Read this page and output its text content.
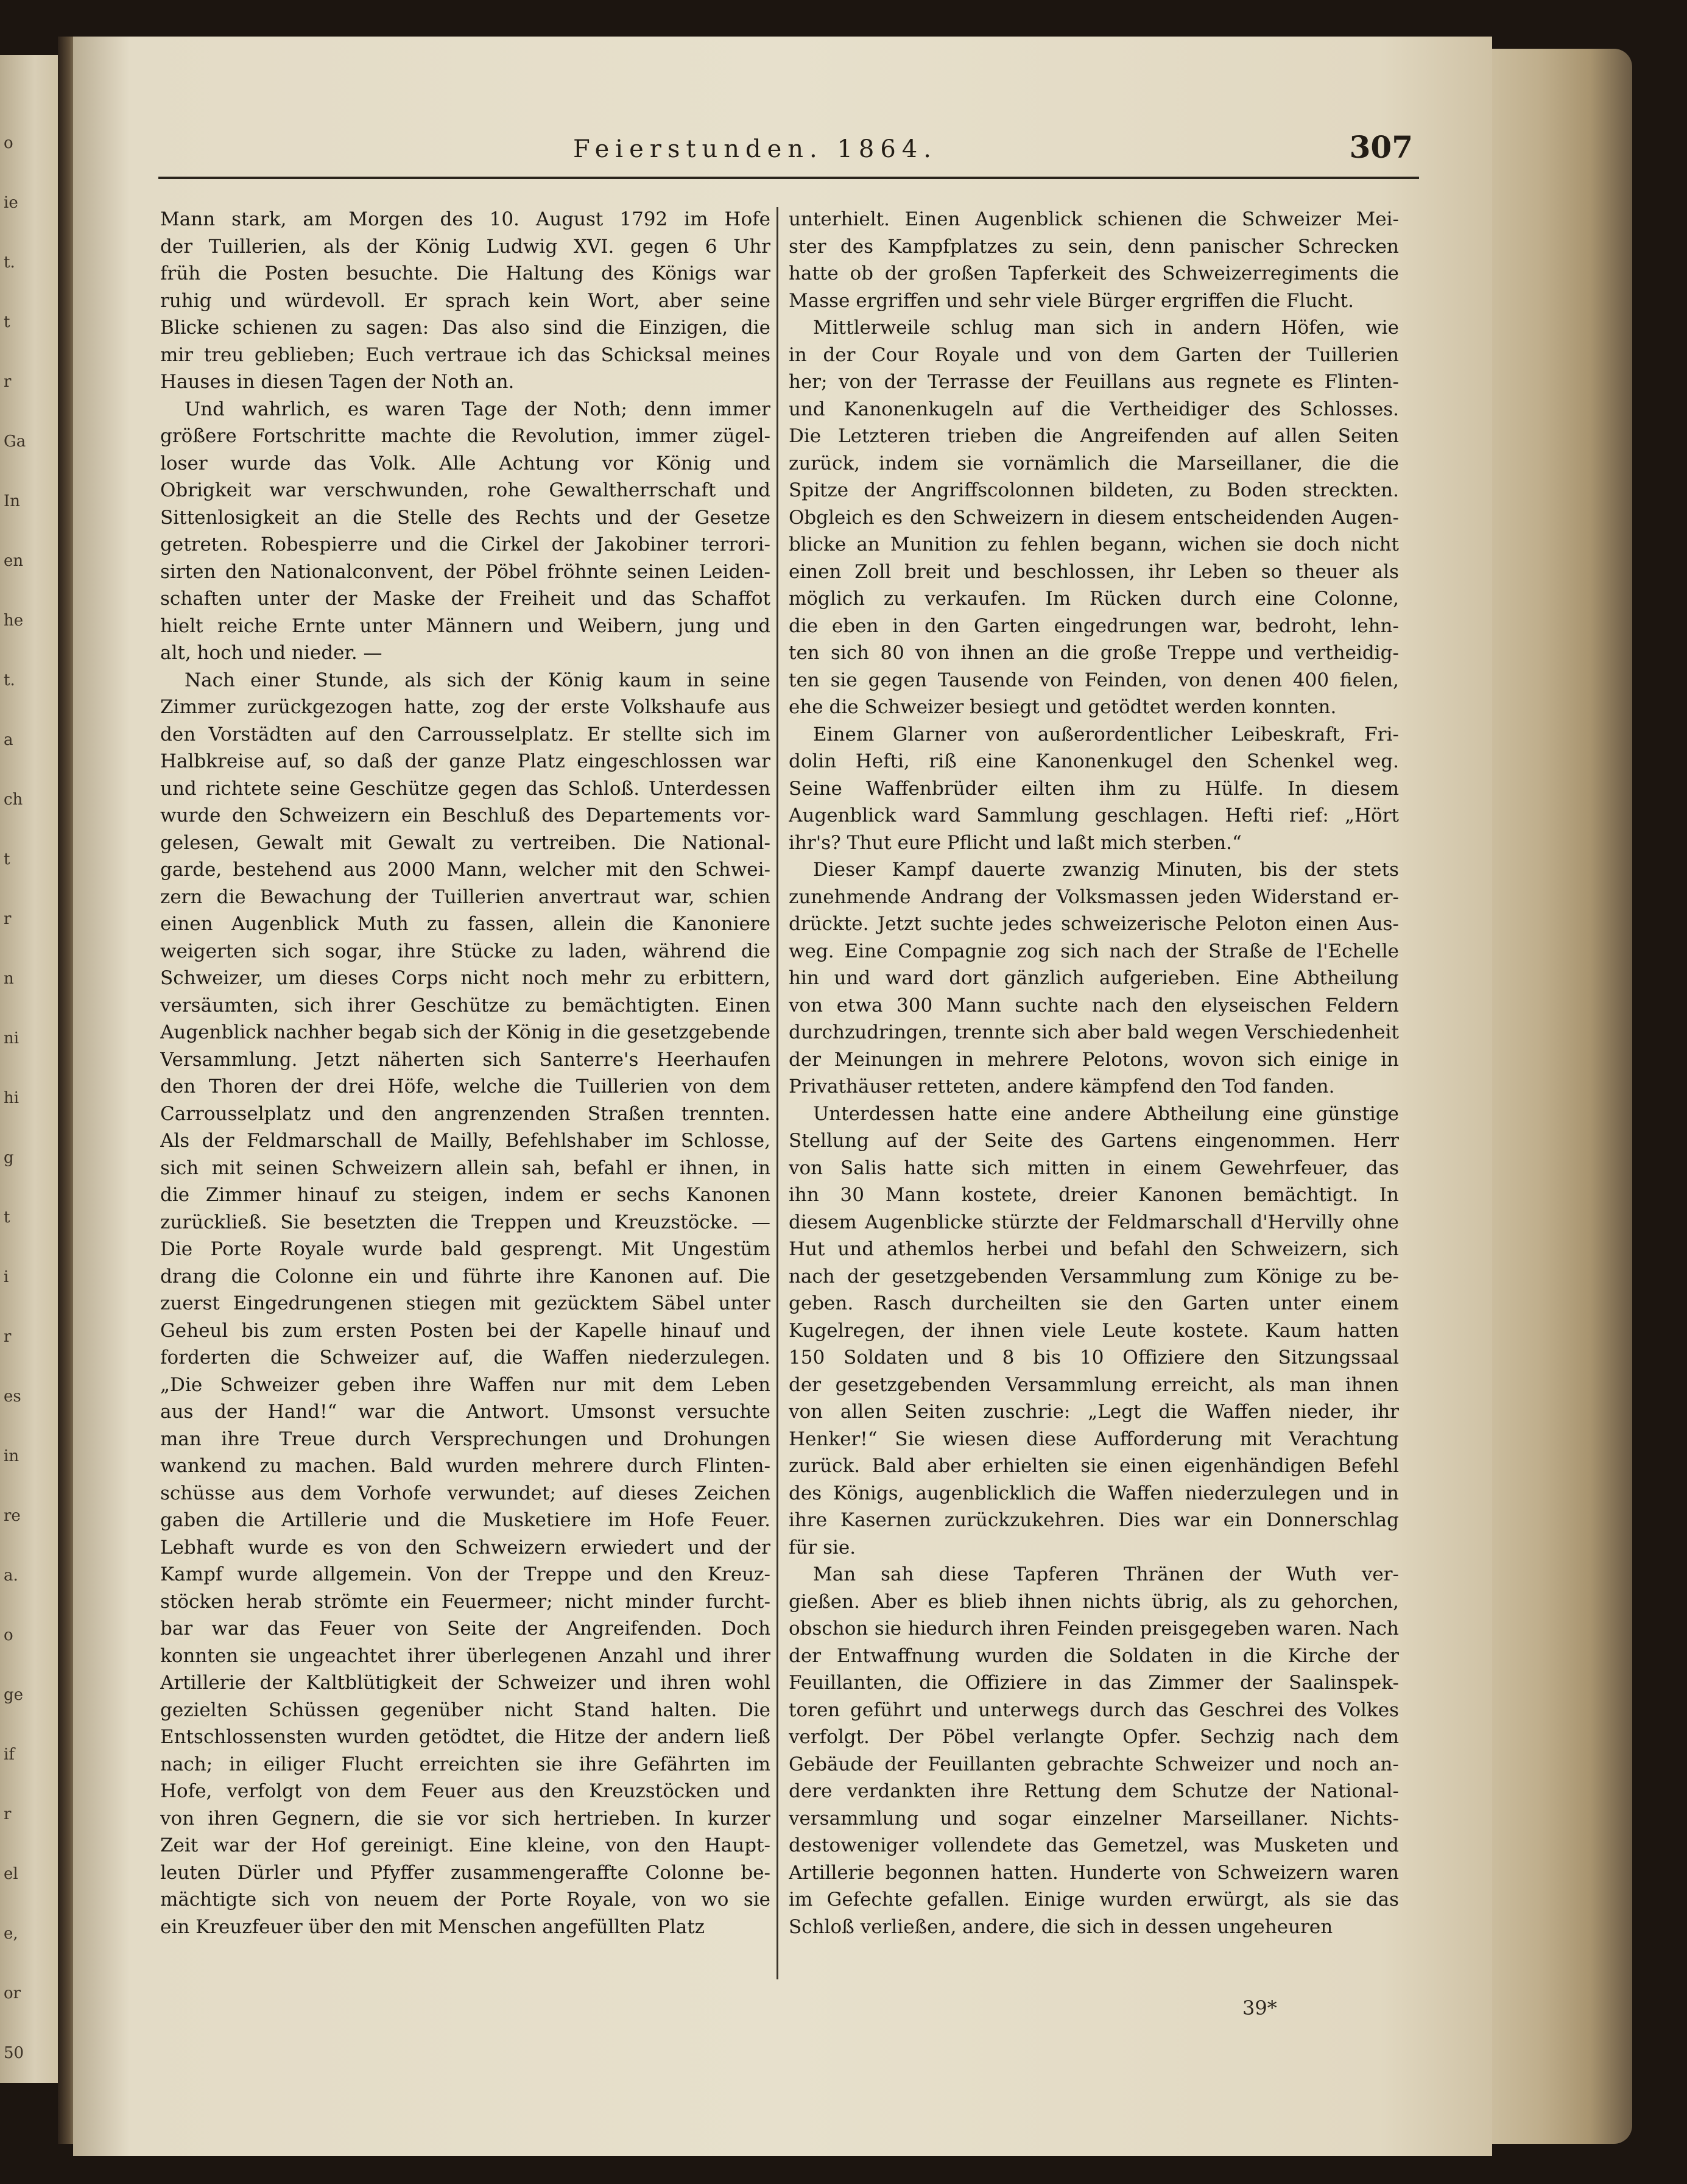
o
ie
t.
t
r
Ga
In
en
he
t.
a
ch
t
r
n
ni
hi
g
t
i
r
es
in
re
a.
o
ge
if
r
el
e,
or
50
Feierstunden. 1864.	307
Mann stark, am Morgen des 10. August 1792 im Hofe
der Tuillerien, als der König Ludwig XVI. gegen 6 Uhr
früh die Posten besuchte. Die Haltung des Königs war
ruhig und würdevoll. Er sprach kein Wort, aber seine
Blicke schienen zu sagen: Das also sind die Einzigen, die
mir treu geblieben; Euch vertraue ich das Schicksal meines
Hauses in diesen Tagen der Noth an.
Und wahrlich, es waren Tage der Noth; denn immer
größere Fortschritte machte die Revolution, immer zügel-
loser wurde das Volk. Alle Achtung vor König und
Obrigkeit war verschwunden, rohe Gewaltherrschaft und
Sittenlosigkeit an die Stelle des Rechts und der Gesetze
getreten. Robespierre und die Cirkel der Jakobiner terrori-
sirten den Nationalconvent, der Pöbel fröhnte seinen Leiden-
schaften unter der Maske der Freiheit und das Schaffot
hielt reiche Ernte unter Männern und Weibern, jung und
alt, hoch und nieder. —
Nach einer Stunde, als sich der König kaum in seine
Zimmer zurückgezogen hatte, zog der erste Volkshaufe aus
den Vorstädten auf den Carrousselplatz. Er stellte sich im
Halbkreise auf, so daß der ganze Platz eingeschlossen war
und richtete seine Geschütze gegen das Schloß. Unterdessen
wurde den Schweizern ein Beschluß des Departements vor-
gelesen, Gewalt mit Gewalt zu vertreiben. Die National-
garde, bestehend aus 2000 Mann, welcher mit den Schwei-
zern die Bewachung der Tuillerien anvertraut war, schien
einen Augenblick Muth zu fassen, allein die Kanoniere
weigerten sich sogar, ihre Stücke zu laden, während die
Schweizer, um dieses Corps nicht noch mehr zu erbittern,
versäumten, sich ihrer Geschütze zu bemächtigten. Einen
Augenblick nachher begab sich der König in die gesetzgebende
Versammlung. Jetzt näherten sich Santerre's Heerhaufen
den Thoren der drei Höfe, welche die Tuillerien von dem
Carrousselplatz und den angrenzenden Straßen trennten.
Als der Feldmarschall de Mailly, Befehlshaber im Schlosse,
sich mit seinen Schweizern allein sah, befahl er ihnen, in
die Zimmer hinauf zu steigen, indem er sechs Kanonen
zurückließ. Sie besetzten die Treppen und Kreuzstöcke. —
Die Porte Royale wurde bald gesprengt. Mit Ungestüm
drang die Colonne ein und führte ihre Kanonen auf. Die
zuerst Eingedrungenen stiegen mit gezücktem Säbel unter
Geheul bis zum ersten Posten bei der Kapelle hinauf und
forderten die Schweizer auf, die Waffen niederzulegen.
„Die Schweizer geben ihre Waffen nur mit dem Leben
aus der Hand!“ war die Antwort. Umsonst versuchte
man ihre Treue durch Versprechungen und Drohungen
wankend zu machen. Bald wurden mehrere durch Flinten-
schüsse aus dem Vorhofe verwundet; auf dieses Zeichen
gaben die Artillerie und die Musketiere im Hofe Feuer.
Lebhaft wurde es von den Schweizern erwiedert und der
Kampf wurde allgemein. Von der Treppe und den Kreuz-
stöcken herab strömte ein Feuermeer; nicht minder furcht-
bar war das Feuer von Seite der Angreifenden. Doch
konnten sie ungeachtet ihrer überlegenen Anzahl und ihrer
Artillerie der Kaltblütigkeit der Schweizer und ihren wohl
gezielten Schüssen gegenüber nicht Stand halten. Die
Entschlossensten wurden getödtet, die Hitze der andern ließ
nach; in eiliger Flucht erreichten sie ihre Gefährten im
Hofe, verfolgt von dem Feuer aus den Kreuzstöcken und
von ihren Gegnern, die sie vor sich hertrieben. In kurzer
Zeit war der Hof gereinigt. Eine kleine, von den Haupt-
leuten Dürler und Pfyffer zusammengeraffte Colonne be-
mächtigte sich von neuem der Porte Royale, von wo sie
ein Kreuzfeuer über den mit Menschen angefüllten Platz
unterhielt. Einen Augenblick schienen die Schweizer Mei-
ster des Kampfplatzes zu sein, denn panischer Schrecken
hatte ob der großen Tapferkeit des Schweizerregiments die
Masse ergriffen und sehr viele Bürger ergriffen die Flucht.
Mittlerweile schlug man sich in andern Höfen, wie
in der Cour Royale und von dem Garten der Tuillerien
her; von der Terrasse der Feuillans aus regnete es Flinten-
und Kanonenkugeln auf die Vertheidiger des Schlosses.
Die Letzteren trieben die Angreifenden auf allen Seiten
zurück, indem sie vornämlich die Marseillaner, die die
Spitze der Angriffscolonnen bildeten, zu Boden streckten.
Obgleich es den Schweizern in diesem entscheidenden Augen-
blicke an Munition zu fehlen begann, wichen sie doch nicht
einen Zoll breit und beschlossen, ihr Leben so theuer als
möglich zu verkaufen. Im Rücken durch eine Colonne,
die eben in den Garten eingedrungen war, bedroht, lehn-
ten sich 80 von ihnen an die große Treppe und vertheidig-
ten sie gegen Tausende von Feinden, von denen 400 fielen,
ehe die Schweizer besiegt und getödtet werden konnten.
Einem Glarner von außerordentlicher Leibeskraft, Fri-
dolin Hefti, riß eine Kanonenkugel den Schenkel weg.
Seine Waffenbrüder eilten ihm zu Hülfe. In diesem
Augenblick ward Sammlung geschlagen. Hefti rief: „Hört
ihr's? Thut eure Pflicht und laßt mich sterben.“
Dieser Kampf dauerte zwanzig Minuten, bis der stets
zunehmende Andrang der Volksmassen jeden Widerstand er-
drückte. Jetzt suchte jedes schweizerische Peloton einen Aus-
weg. Eine Compagnie zog sich nach der Straße de l'Echelle
hin und ward dort gänzlich aufgerieben. Eine Abtheilung
von etwa 300 Mann suchte nach den elyseischen Feldern
durchzudringen, trennte sich aber bald wegen Verschiedenheit
der Meinungen in mehrere Pelotons, wovon sich einige in
Privathäuser retteten, andere kämpfend den Tod fanden.
Unterdessen hatte eine andere Abtheilung eine günstige
Stellung auf der Seite des Gartens eingenommen. Herr
von Salis hatte sich mitten in einem Gewehrfeuer, das
ihn 30 Mann kostete, dreier Kanonen bemächtigt. In
diesem Augenblicke stürzte der Feldmarschall d'Hervilly ohne
Hut und athemlos herbei und befahl den Schweizern, sich
nach der gesetzgebenden Versammlung zum Könige zu be-
geben. Rasch durcheilten sie den Garten unter einem
Kugelregen, der ihnen viele Leute kostete. Kaum hatten
150 Soldaten und 8 bis 10 Offiziere den Sitzungssaal
der gesetzgebenden Versammlung erreicht, als man ihnen
von allen Seiten zuschrie: „Legt die Waffen nieder, ihr
Henker!“ Sie wiesen diese Aufforderung mit Verachtung
zurück. Bald aber erhielten sie einen eigenhändigen Befehl
des Königs, augenblicklich die Waffen niederzulegen und in
ihre Kasernen zurückzukehren. Dies war ein Donnerschlag
für sie.
Man sah diese Tapferen Thränen der Wuth ver-
gießen. Aber es blieb ihnen nichts übrig, als zu gehorchen,
obschon sie hiedurch ihren Feinden preisgegeben waren. Nach
der Entwaffnung wurden die Soldaten in die Kirche der
Feuillanten, die Offiziere in das Zimmer der Saalinspek-
toren geführt und unterwegs durch das Geschrei des Volkes
verfolgt. Der Pöbel verlangte Opfer. Sechzig nach dem
Gebäude der Feuillanten gebrachte Schweizer und noch an-
dere verdankten ihre Rettung dem Schutze der National-
versammlung und sogar einzelner Marseillaner. Nichts-
destoweniger vollendete das Gemetzel, was Musketen und
Artillerie begonnen hatten. Hunderte von Schweizern waren
im Gefechte gefallen. Einige wurden erwürgt, als sie das
Schloß verließen, andere, die sich in dessen ungeheuren
39*
